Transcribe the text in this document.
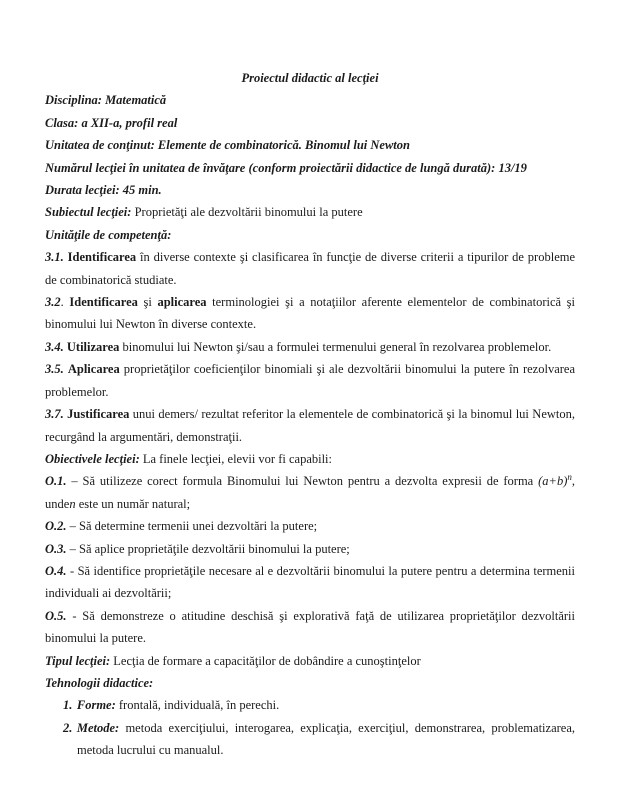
Proiectul didactic al lecţiei

Disciplina: Matematică

Clasa: a XII-a, profil real

Unitatea de conţinut: Elemente de combinatorică. Binomul lui Newton

Numărul lecţiei în unitatea de învăţare (conform proiectării didactice de lungă durată): 13/19

Durata lecţiei: 45 min.

Subiectul lecţiei: Proprietăţi ale dezvoltării binomului la putere

Unităţile de competenţă:

3.1. Identificarea în diverse contexte şi clasificarea în funcţie de diverse criterii a tipurilor de probleme de combinatorică studiate.

3.2. Identificarea şi aplicarea terminologiei şi a notaţiilor aferente elementelor de combinatorică şi binomului lui Newton în diverse contexte.

3.4. Utilizarea binomului lui Newton şi/sau a formulei termenului general în rezolvarea problemelor.

3.5. Aplicarea proprietăţilor coeficienţilor binomiali şi ale dezvoltării binomului la putere în rezolvarea problemelor.

3.7. Justificarea unui demers/ rezultat referitor la elementele de combinatorică şi la binomul lui Newton, recurgând la argumentări, demonstraţii.

Obiectivele lecţiei: La finele lecţiei, elevii vor fi capabili:

O.1. – Să utilizeze corect formula Binomului lui Newton pentru a dezvolta expresii de forma $(a+b)^n$, unden este un număr natural;

O.2. – Să determine termenii unei dezvoltări la putere;

O.3. – Să aplice proprietăţile dezvoltării binomului la putere;

O.4. - Să identifice proprietăţile necesare al e dezvoltării binomului la putere pentru a determina termenii individuali ai dezvoltării;

O.5. - Să demonstreze o atitudine deschisă şi explorativă faţă de utilizarea proprietăţilor dezvoltării binomului la putere.

Tipul lecţiei: Lecţia de formare a capacităţilor de dobândire a cunoştinţelor

Tehnologii didactice:

1. Forme: frontală, individuală, în perechi.

2. Metode: metoda exerciţiului, interogarea, explicaţia, exerciţiul, demonstrarea, problematizarea, metoda lucrului cu manualul.
